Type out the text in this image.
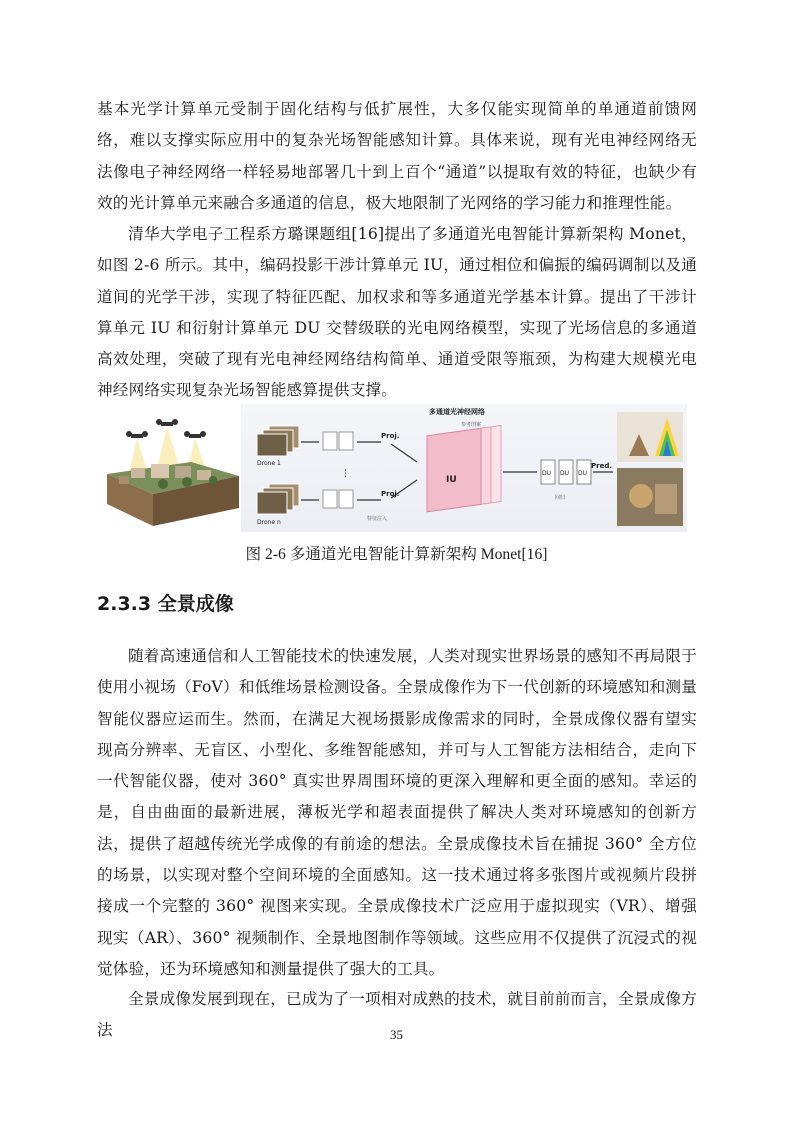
基本光学计算单元受制于固化结构与低扩展性，大多仅能实现简单的单通道前馈网络，难以支撑实际应用中的复杂光场智能感知计算。具体来说，现有光电神经网络无法像电子神经网络一样轻易地部署几十到上百个“通道”以提取有效的特征，也缺少有效的光计算单元来融合多通道的信息，极大地限制了光网络的学习能力和推理性能。

清华大学电子工程系方璐课题组[16]提出了多通道光电智能计算新架构 Monet，如图 2-6 所示。其中，编码投影干涉计算单元 IU，通过相位和偏振的编码调制以及通道间的光学干涉，实现了特征匹配、加权求和等多通道光学基本计算。提出了干涉计算单元 IU 和衍射计算单元 DU 交替级联的光电网络模型，实现了光场信息的多通道高效处理，突破了现有光电神经网络结构简单、通道受限等瓶颈，为构建大规模光电神经网络实现复杂光场智能感算提供支撑。

多通道光神经网络
Drone 1
⋮
Drone n
Proj.
Proj.
特征注入
IU
参考图案
DU DU DU
回归
Pred.
图 2-6 多通道光电智能计算新架构 Monet[16]
2.3.3 全景成像

随着高速通信和人工智能技术的快速发展，人类对现实世界场景的感知不再局限于使用小视场（FoV）和低维场景检测设备。全景成像作为下一代创新的环境感知和测量智能仪器应运而生。然而，在满足大视场摄影成像需求的同时，全景成像仪器有望实现高分辨率、无盲区、小型化、多维智能感知，并可与人工智能方法相结合，走向下一代智能仪器，使对 360° 真实世界周围环境的更深入理解和更全面的感知。幸运的是，自由曲面的最新进展，薄板光学和超表面提供了解决人类对环境感知的创新方法，提供了超越传统光学成像的有前途的想法。全景成像技术旨在捕捉 360° 全方位的场景，以实现对整个空间环境的全面感知。这一技术通过将多张图片或视频片段拼接成一个完整的 360° 视图来实现。全景成像技术广泛应用于虚拟现实（VR）、增强现实（AR）、360° 视频制作、全景地图制作等领域。这些应用不仅提供了沉浸式的视觉体验，还为环境感知和测量提供了强大的工具。

全景成像发展到现在，已成为了一项相对成熟的技术，就目前前而言，全景成像方法	35
